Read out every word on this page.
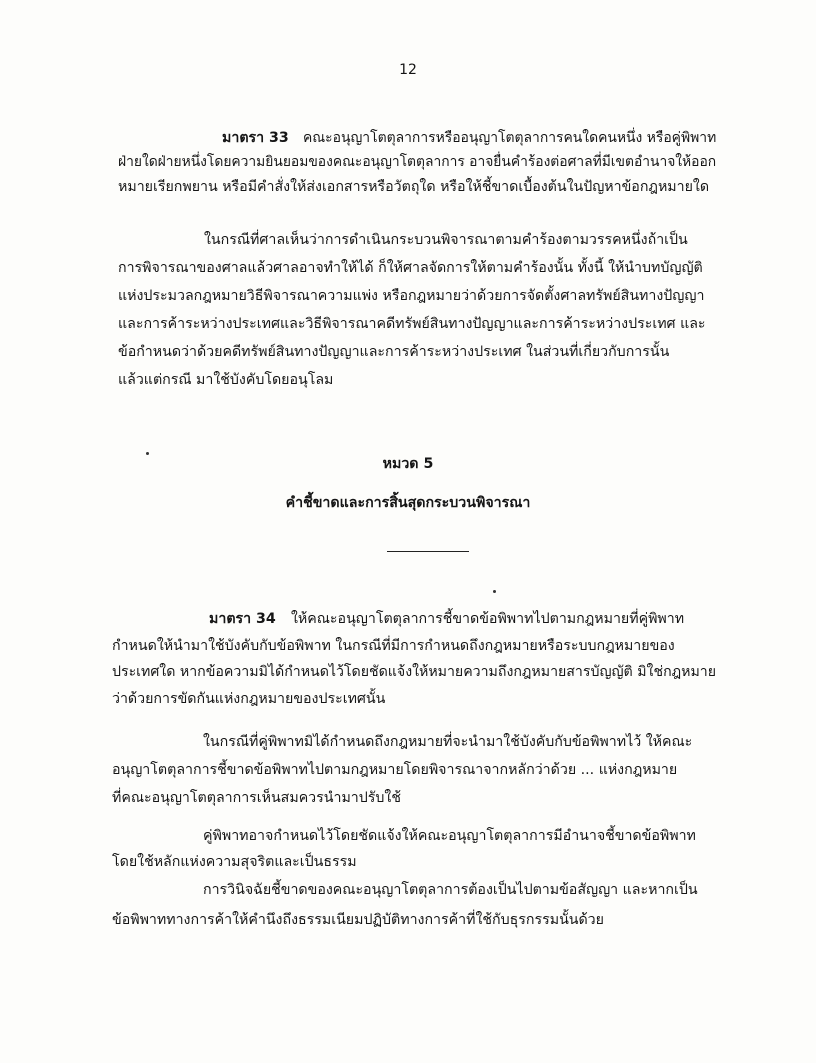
12
มาตรา 33 คณะอนุญาโตตุลาการหรืออนุญาโตตุลาการคนใดคนหนึ่ง หรือคู่พิพาท
ฝ่ายใดฝ่ายหนึ่งโดยความยินยอมของคณะอนุญาโตตุลาการ อาจยื่นคำร้องต่อศาลที่มีเขตอำนาจให้ออก
หมายเรียกพยาน หรือมีคำสั่งให้ส่งเอกสารหรือวัตถุใด หรือให้ชี้ขาดเบื้องต้นในปัญหาข้อกฎหมายใด
ในกรณีที่ศาลเห็นว่าการดำเนินกระบวนพิจารณาตามคำร้องตามวรรคหนึ่งถ้าเป็น
การพิจารณาของศาลแล้วศาลอาจทำให้ได้ ก็ให้ศาลจัดการให้ตามคำร้องนั้น ทั้งนี้ ให้นำบทบัญญัติ
แห่งประมวลกฎหมายวิธีพิจารณาความแพ่ง หรือกฎหมายว่าด้วยการจัดตั้งศาลทรัพย์สินทางปัญญา
และการค้าระหว่างประเทศและวิธีพิจารณาคดีทรัพย์สินทางปัญญาและการค้าระหว่างประเทศ และ
ข้อกำหนดว่าด้วยคดีทรัพย์สินทางปัญญาและการค้าระหว่างประเทศ ในส่วนที่เกี่ยวกับการนั้น
แล้วแต่กรณี มาใช้บังคับโดยอนุโลม
หมวด 5
คำชี้ขาดและการสิ้นสุดกระบวนพิจารณา
มาตรา 34 ให้คณะอนุญาโตตุลาการชี้ขาดข้อพิพาทไปตามกฎหมายที่คู่พิพาท
กำหนดให้นำมาใช้บังคับกับข้อพิพาท ในกรณีที่มีการกำหนดถึงกฎหมายหรือระบบกฎหมายของ
ประเทศใด หากข้อความมิได้กำหนดไว้โดยชัดแจ้งให้หมายความถึงกฎหมายสารบัญญัติ มิใช่กฎหมาย
ว่าด้วยการขัดกันแห่งกฎหมายของประเทศนั้น
ในกรณีที่คู่พิพาทมิได้กำหนดถึงกฎหมายที่จะนำมาใช้บังคับกับข้อพิพาทไว้ ให้คณะ
อนุญาโตตุลาการชี้ขาดข้อพิพาทไปตามกฎหมายโดยพิจารณาจากหลักว่าด้วย ... แห่งกฎหมาย
ที่คณะอนุญาโตตุลาการเห็นสมควรนำมาปรับใช้
คู่พิพาทอาจกำหนดไว้โดยชัดแจ้งให้คณะอนุญาโตตุลาการมีอำนาจชี้ขาดข้อพิพาท
โดยใช้หลักแห่งความสุจริตและเป็นธรรม
การวินิจฉัยชี้ขาดของคณะอนุญาโตตุลาการต้องเป็นไปตามข้อสัญญา และหากเป็น
ข้อพิพาททางการค้าให้คำนึงถึงธรรมเนียมปฏิบัติทางการค้าที่ใช้กับธุรกรรมนั้นด้วย
